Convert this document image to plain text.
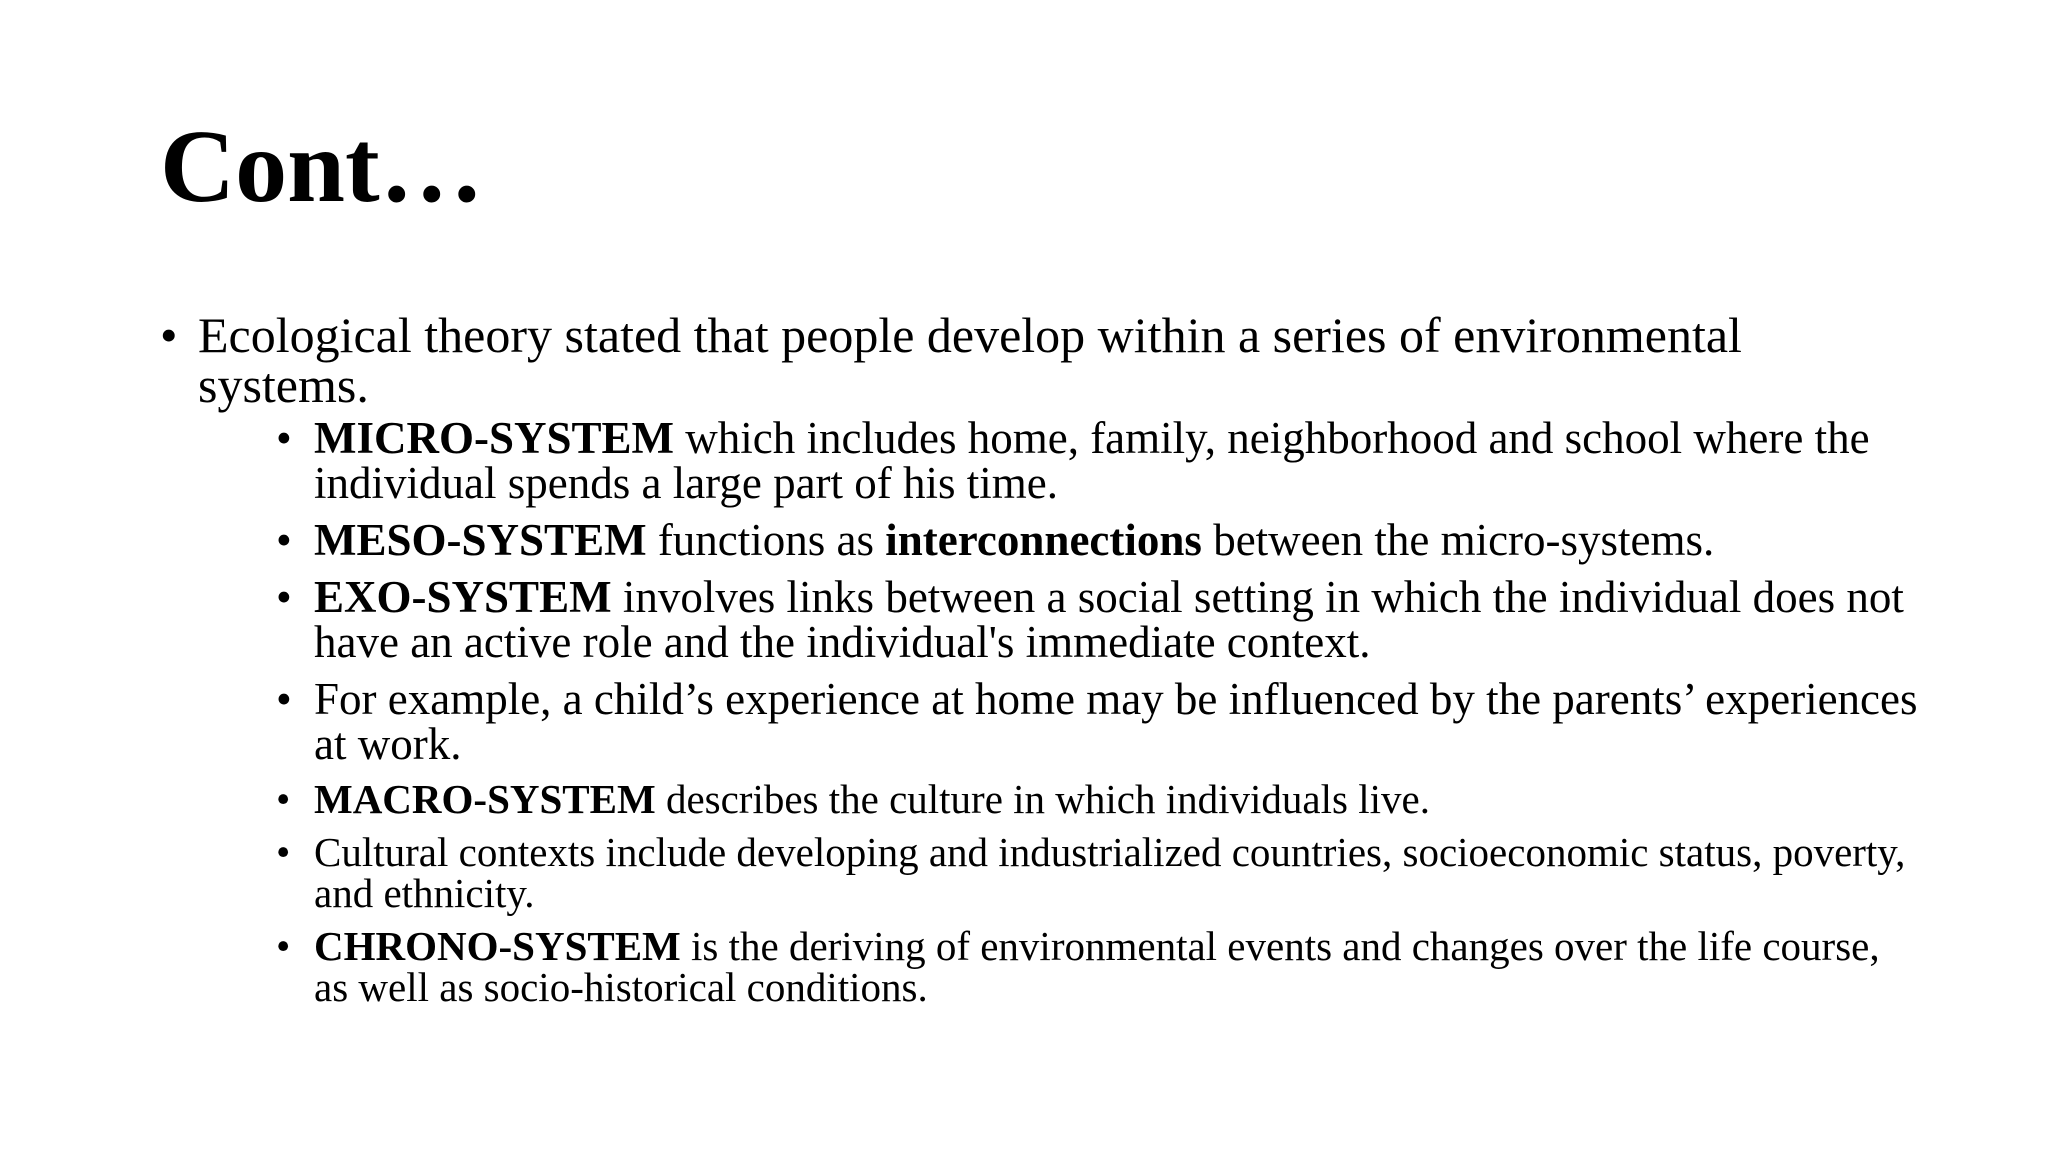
Cont…
• Ecological theory stated that people develop within a series of environmental systems.
• MICRO-SYSTEM which includes home, family, neighborhood and school where the individual spends a large part of his time.
• MESO-SYSTEM functions as interconnections between the micro-systems.
• EXO-SYSTEM involves links between a social setting in which the individual does not have an active role and the individual's immediate context.
• For example, a child’s experience at home may be influenced by the parents’ experiences at work.
• MACRO-SYSTEM describes the culture in which individuals live.
• Cultural contexts include developing and industrialized countries, socioeconomic status, poverty, and ethnicity.
• CHRONO-SYSTEM is the deriving of environmental events and changes over the life course, as well as socio-historical conditions.
